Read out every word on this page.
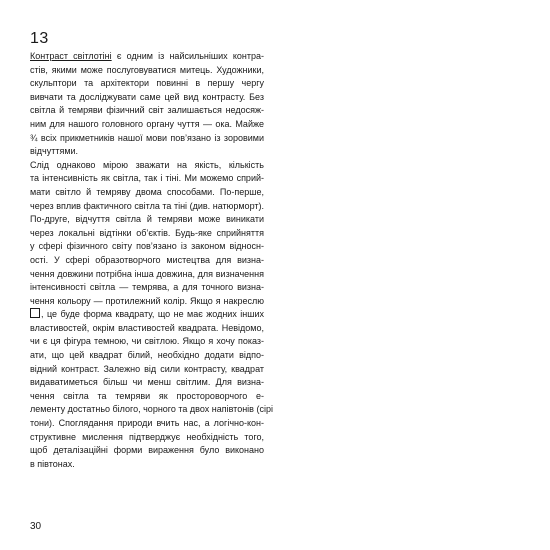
13
Контраст світлотіні є одним із найсильніших контра-
стів, якими може послуговуватися митець. Художники,
скульптори та архітектори повинні в першу чергу
вивчати та досліджувати саме цей вид контрасту. Без
світла й темряви фізичний світ залишається недосяж-
ним для нашого головного органу чуття — ока. Майже
¾ всіх прикметників нашої мови пов’язано із зоровими
відчуттями.
Слід однаково мірою зважати на якість, кількість
та інтенсивність як світла, так і тіні. Ми можемо сприй-
мати світло й темряву двома способами. По-перше,
через вплив фактичного світла та тіні (див. натюрморт).
По-друге, відчуття світла й темряви може виникати
через локальні відтінки об’єктів. Будь-яке сприйняття
у сфері фізичного світу пов’язано із законом відносн-
ості. У сфері образотворчого мистецтва для визна-
чення довжини потрібна інша довжина, для визначення
інтенсивності світла — темрява, а для точного визна-
чення кольору — протилежний колір. Якщо я накреслю
, це буде форма квадрату, що не має жодних інших
властивостей, окрім властивостей квадрата. Невідомо,
чи є ця фігура темною, чи світлою. Якщо я хочу показ-
ати, що цей квадрат білий, необхідно додати відпо-
відний контраст. Залежно від сили контрасту, квадрат
видаватиметься більш чи менш світлим. Для визна-
чення світла та темряви як простороворчого е-
лементу достатньо білого, чорного та двох напівтонів (сірі
тони). Споглядання природи вчить нас, а логічно-кон-
структивне мислення підтверджує необхідність того,
щоб деталізаційні форми вираження було виконано
в півтонах.
30
